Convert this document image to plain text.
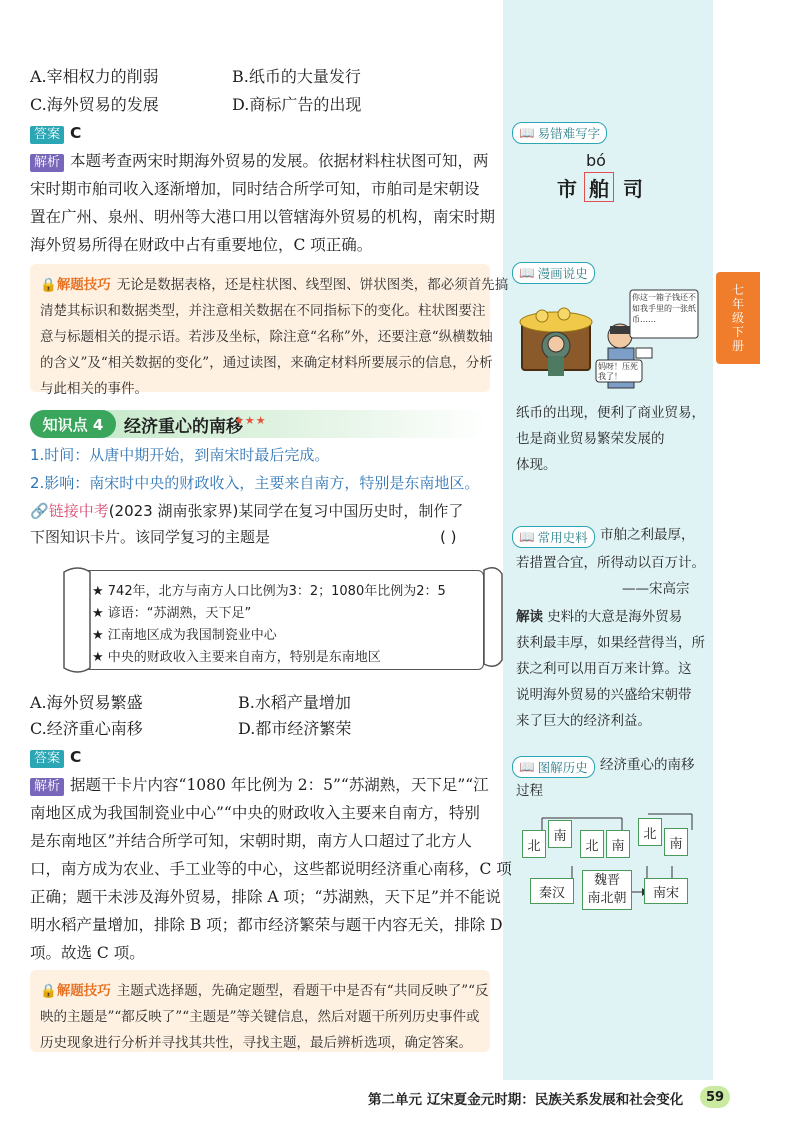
七
年
级
下
册
A.宰相权力的削弱	B.纸币的大量发行
C.海外贸易的发展	D.商标广告的出现
答案 C
解析 本题考查两宋时期海外贸易的发展。依据材料柱状图可知，两
宋时期市舶司收入逐渐增加，同时结合所学可知，市舶司是宋朝设
置在广州、泉州、明州等大港口用以管辖海外贸易的机构，南宋时期
海外贸易所得在财政中占有重要地位，C 项正确。
🔒解题技巧 无论是数据表格，还是柱状图、线型图、饼状图类，都必须首先搞
清楚其标识和数据类型，并注意相关数据在不同指标下的变化。柱状图要注
意与标题相关的提示语。若涉及坐标，除注意“名称”外，还要注意“纵横数轴
的含义”及“相关数据的变化”，通过读图，来确定材料所要展示的信息，分析
与此相关的事件。
知识点 4	经济重心的南移
★★★
1.时间：从唐中期开始，到南宋时最后完成。
2.影响：南宋时中央的财政收入，主要来自南方，特别是东南地区。
🔗链接中考(2023 湖南张家界)某同学在复习中国历史时，制作了
下图知识卡片。该同学复习的主题是	( )
★ 742年，北方与南方人口比例为3：2；1080年比例为2：5
★ 谚语：“苏湖熟，天下足”
★ 江南地区成为我国制瓷业中心
★ 中央的财政收入主要来自南方，特别是东南地区
A.海外贸易繁盛	B.水稻产量增加
C.经济重心南移	D.都市经济繁荣
答案 C
解析 据题干卡片内容“1080 年比例为 2：5”“苏湖熟，天下足”“江
南地区成为我国制瓷业中心”“中央的财政收入主要来自南方，特别
是东南地区”并结合所学可知，宋朝时期，南方人口超过了北方人
口，南方成为农业、手工业等的中心，这些都说明经济重心南移，C 项
正确；题干未涉及海外贸易，排除 A 项；“苏湖熟，天下足”并不能说
明水稻产量增加，排除 B 项；都市经济繁荣与题干内容无关，排除 D
项。故选 C 项。
🔒解题技巧 主题式选择题，先确定题型，看题干中是否有“共同反映了”“反
映的主题是”“都反映了”“主题是”等关键信息，然后对题干所列历史事件或
历史现象进行分析并寻找其共性，寻找主题，最后辨析选项，确定答案。
📖 易错难写字
bó
市 舶 司
📖 漫画说史
你这一箱子钱还不如我手里的一张纸币……
妈呀！压死我了！
纸币的出现，便利了商业贸易，
也是商业贸易繁荣发展的
体现。
📖 常用史料 市舶之利最厚，
若措置合宜，所得动以百万计。
——宋高宗
解读 史料的大意是海外贸易
获利最丰厚，如果经营得当，所
获之利可以用百万来计算。这
说明海外贸易的兴盛给宋朝带
来了巨大的经济利益。
📖 图解历史 经济重心的南移
过程
北
南
北 南
北
南
秦汉
魏晋
南北朝	南宋
第二单元 辽宋夏金元时期：民族关系发展和社会变化	59
